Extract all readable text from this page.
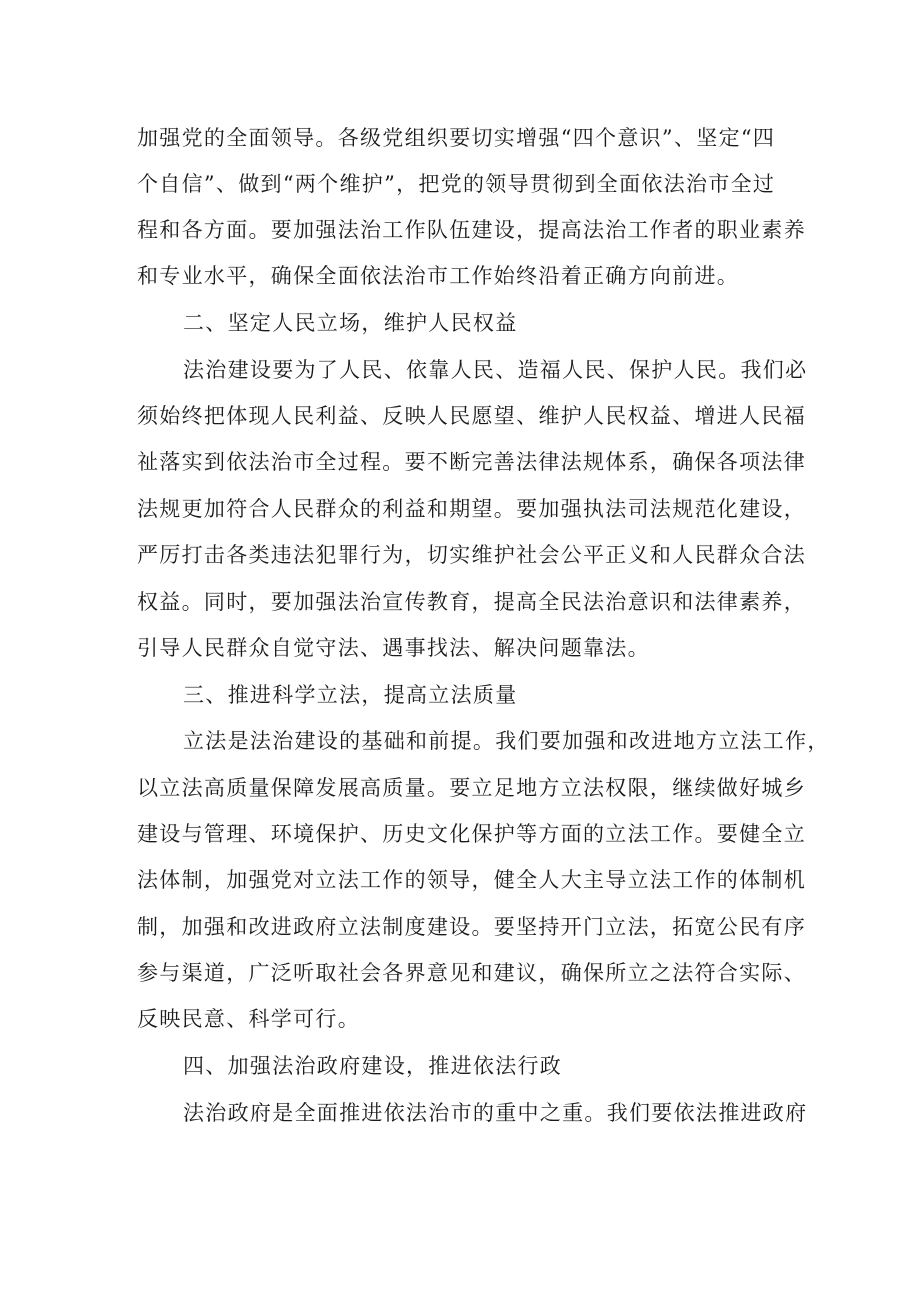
加强党的全面领导。各级党组织要切实增强“四个意识”、坚定“四
个自信”、做到“两个维护”，把党的领导贯彻到全面依法治市全过
程和各方面。要加强法治工作队伍建设，提高法治工作者的职业素养
和专业水平，确保全面依法治市工作始终沿着正确方向前进。
二、坚定人民立场，维护人民权益
法治建设要为了人民、依靠人民、造福人民、保护人民。我们必
须始终把体现人民利益、反映人民愿望、维护人民权益、增进人民福
祉落实到依法治市全过程。要不断完善法律法规体系，确保各项法律
法规更加符合人民群众的利益和期望。要加强执法司法规范化建设，
严厉打击各类违法犯罪行为，切实维护社会公平正义和人民群众合法
权益。同时，要加强法治宣传教育，提高全民法治意识和法律素养，
引导人民群众自觉守法、遇事找法、解决问题靠法。
三、推进科学立法，提高立法质量
立法是法治建设的基础和前提。我们要加强和改进地方立法工作，
以立法高质量保障发展高质量。要立足地方立法权限，继续做好城乡
建设与管理、环境保护、历史文化保护等方面的立法工作。要健全立
法体制，加强党对立法工作的领导，健全人大主导立法工作的体制机
制，加强和改进政府立法制度建设。要坚持开门立法，拓宽公民有序
参与渠道，广泛听取社会各界意见和建议，确保所立之法符合实际、
反映民意、科学可行。
四、加强法治政府建设，推进依法行政
法治政府是全面推进依法治市的重中之重。我们要依法推进政府
